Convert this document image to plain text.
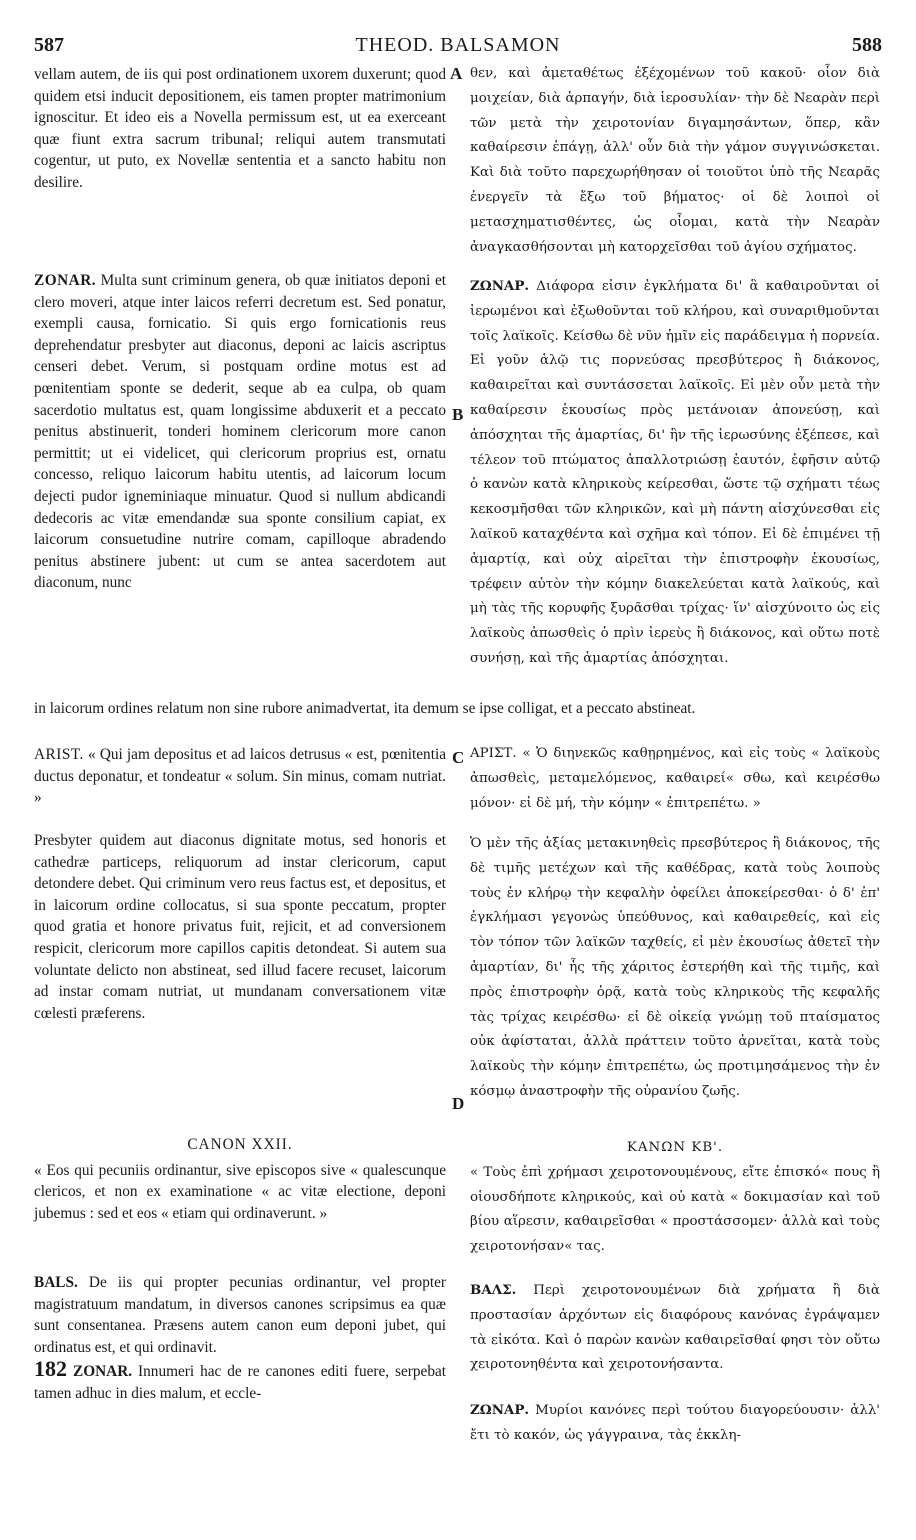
587	THEOD. BALSAMON	588
A
B
C
D

vellam autem, de iis qui post ordinationem uxorem duxerunt; quod quidem etsi inducit depositionem, eis tamen propter matrimonium ignoscitur. Et ideo eis a Novella permissum est, ut ea exerceant quæ fiunt extra sacrum tribunal; reliqui autem transmutati cogentur, ut puto, ex Novellæ sententia et a sancto habitu non desilire.

ZONAR. Multa sunt criminum genera, ob quæ initiatos deponi et clero moveri, atque inter laicos referri decretum est. Sed ponatur, exempli causa, fornicatio. Si quis ergo fornicationis reus deprehendatur presbyter aut diaconus, deponi ac laicis ascriptus censeri debet. Verum, si postquam ordine motus est ad pœnitentiam sponte se dederit, seque ab ea culpa, ob quam sacerdotio multatus est, quam longissime abduxerit et a peccato penitus abstinuerit, tonderi hominem clericorum more canon permittit; ut ei videlicet, qui clericorum proprius est, ornatu concesso, reliquo laicorum habitu utentis, ad laicorum locum dejecti pudor igneminiaque minuatur. Quod si nullum abdicandi dedecoris ac vitæ emendandæ sua sponte consilium capiat, ex laicorum consuetudine nutrire comam, capilloque abradendo penitus abstinere jubent: ut cum se antea sacerdotem aut diaconum, nunc

θεν, καὶ ἀμεταθέτως ἐξέχομένων τοῦ κακοῦ· οἷον διὰ μοιχείαν, διὰ ἁρπαγήν, διὰ ἱεροσυλίαν· τὴν δὲ Νεαρὰν περὶ τῶν μετὰ τὴν χειροτονίαν διγαμησάντων, ὅπερ, κἂν καθαίρεσιν ἐπάγῃ, ἀλλ' οὖν διὰ τὴν γάμον συγγινώσκεται. Καὶ διὰ τοῦτο παρεχωρήθησαν οἱ τοιοῦτοι ὑπὸ τῆς Νεαρᾶς ἐνεργεῖν τὰ ἔξω τοῦ βήματος· οἱ δὲ λοιποὶ οἱ μετασχηματισθέντες, ὡς οἶομαι, κατὰ τὴν Νεαρὰν ἀναγκασθήσονται μὴ κατορχεῖσθαι τοῦ ἁγίου σχήματος.

ΖΩΝΑΡ. Διάφορα εἰσιν ἐγκλήματα δι' ἃ καθαιροῦνται οἱ ἱερωμένοι καὶ ἐξωθοῦνται τοῦ κλήρου, καὶ συναριθμοῦνται τοῖς λαϊκοῖς. Κείσθω δὲ νῦν ἡμῖν εἰς παράδειγμα ἡ πορνεία. Εἰ γοῦν ἁλῷ τις πορνεύσας πρεσβύτερος ἢ διάκονος, καθαιρεῖται καὶ συντάσσεται λαϊκοῖς. Εἰ μὲν οὖν μετὰ τὴν καθαίρεσιν ἑκουσίως πρὸς μετάνοιαν ἀπονεύσῃ, καὶ ἀπόσχηται τῆς ἁμαρτίας, δι' ἣν τῆς ἱερωσύνης ἐξέπεσε, καὶ τέλεον τοῦ πτώματος ἀπαλλοτριώσῃ ἑαυτόν, ἐφῆσιν αὐτῷ ὁ κανὼν κατὰ κληρικοὺς κείρεσθαι, ὥστε τῷ σχήματι τέως κεκοσμῆσθαι τῶν κληρικῶν, καὶ μὴ πάντη αἰσχύνεσθαι εἰς λαϊκοῦ καταχθέντα καὶ σχῆμα καὶ τόπον. Εἰ δὲ ἐπιμένει τῇ ἁμαρτίᾳ, καὶ οὐχ αἱρεῖται τὴν ἐπιστροφὴν ἑκουσίως, τρέφειν αὐτὸν τὴν κόμην διακελεύεται κατὰ λαϊκούς, καὶ μὴ τὰς τῆς κορυφῆς ξυρᾶσθαι τρίχας· ἵν' αἰσχύνοιτο ὡς εἰς λαϊκοὺς ἀπωσθεὶς ὁ πρὶν ἱερεὺς ἢ διάκονος, καὶ οὕτω ποτὲ συνήσῃ, καὶ τῆς ἁμαρτίας ἀπόσχηται.

in laicorum ordines relatum non sine rubore animadvertat, ita demum se ipse colligat, et a peccato abstineat.

ARIST. « Qui jam depositus et ad laicos detrusus « est, pœnitentia ductus deponatur, et tondeatur « solum. Sin minus, comam nutriat. »

Presbyter quidem aut diaconus dignitate motus, sed honoris et cathedræ particeps, reliquorum ad instar clericorum, caput detondere debet. Qui criminum vero reus factus est, et depositus, et in laicorum ordine collocatus, si sua sponte peccatum, propter quod gratia et honore privatus fuit, rejicit, et ad conversionem respicit, clericorum more capillos capitis detondeat. Si autem sua voluntate delicto non abstineat, sed illud facere recuset, laicorum ad instar comam nutriat, ut mundanam conversationem vitæ cœlesti præferens.

CANON XXII.

« Eos qui pecuniis ordinantur, sive episcopos sive « qualescunque clericos, et non ex examinatione « ac vitæ electione, deponi jubemus : sed et eos « etiam qui ordinaverunt. »

BALS. De iis qui propter pecunias ordinantur, vel propter magistratuum mandatum, in diversos canones scripsimus ea quæ sunt consentanea. Præsens autem canon eum deponi jubet, qui ordinatus est, et qui ordinavit.

182 ZONAR. Innumeri hac de re canones editi fuere, serpebat tamen adhuc in dies malum, et eccle-

ΑΡΙΣΤ. « Ὁ διηνεκῶς καθῃρημένος, καὶ εἰς τοὺς « λαϊκοὺς ἀπωσθεὶς, μεταμελόμενος, καθαιρεί« σθω, καὶ κειρέσθω μόνον· εἰ δὲ μή, τὴν κόμην « ἐπιτρεπέτω. »

Ὁ μὲν τῆς ἀξίας μετακινηθεὶς πρεσβύτερος ἢ διάκονος, τῆς δὲ τιμῆς μετέχων καὶ τῆς καθέδρας, κατὰ τοὺς λοιποὺς τοὺς ἐν κλήρῳ τὴν κεφαλὴν ὀφείλει ἀποκείρεσθαι· ὁ δ' ἐπ' ἐγκλήμασι γεγονὼς ὑπεύθυνος, καὶ καθαιρεθείς, καὶ εἰς τὸν τόπον τῶν λαϊκῶν ταχθείς, εἰ μὲν ἑκουσίως ἀθετεῖ τὴν ἁμαρτίαν, δι' ἧς τῆς χάριτος ἐστερήθη καὶ τῆς τιμῆς, καὶ πρὸς ἐπιστροφὴν ὁρᾷ, κατὰ τοὺς κληρικοὺς τῆς κεφαλῆς τὰς τρίχας κειρέσθω· εἰ δὲ οἰκείᾳ γνώμῃ τοῦ πταίσματος οὐκ ἀφίσταται, ἀλλὰ πράττειν τοῦτο ἀρνεῖται, κατὰ τοὺς λαϊκοὺς τὴν κόμην ἐπιτρεπέτω, ὡς προτιμησάμενος τὴν ἐν κόσμῳ ἀναστροφὴν τῆς οὐρανίου ζωῆς.

ΚΑΝΩΝ ΚΒ'.

« Τοὺς ἐπὶ χρήμασι χειροτονουμένους, εἴτε ἐπισκό« πους ἢ οἱουσδήποτε κληρικούς, καὶ οὐ κατὰ « δοκιμασίαν καὶ τοῦ βίου αἵρεσιν, καθαιρεῖσθαι « προστάσσομεν· ἀλλὰ καὶ τοὺς χειροτονήσαν« τας.

ΒΑΛΣ. Περὶ χειροτονουμένων διὰ χρήματα ἢ διὰ προστασίαν ἀρχόντων εἰς διαφόρους κανόνας ἐγράψαμεν τὰ εἰκότα. Καὶ ὁ παρὼν κανὼν καθαιρεῖσθαί φησι τὸν οὕτω χειροτονηθέντα καὶ χειροτονήσαντα.

ΖΩΝΑΡ. Μυρίοι κανόνες περὶ τούτου διαγορεύουσιν· ἀλλ' ἔτι τὸ κακόν, ὡς γάγγραινα, τὰς ἐκκλη-
